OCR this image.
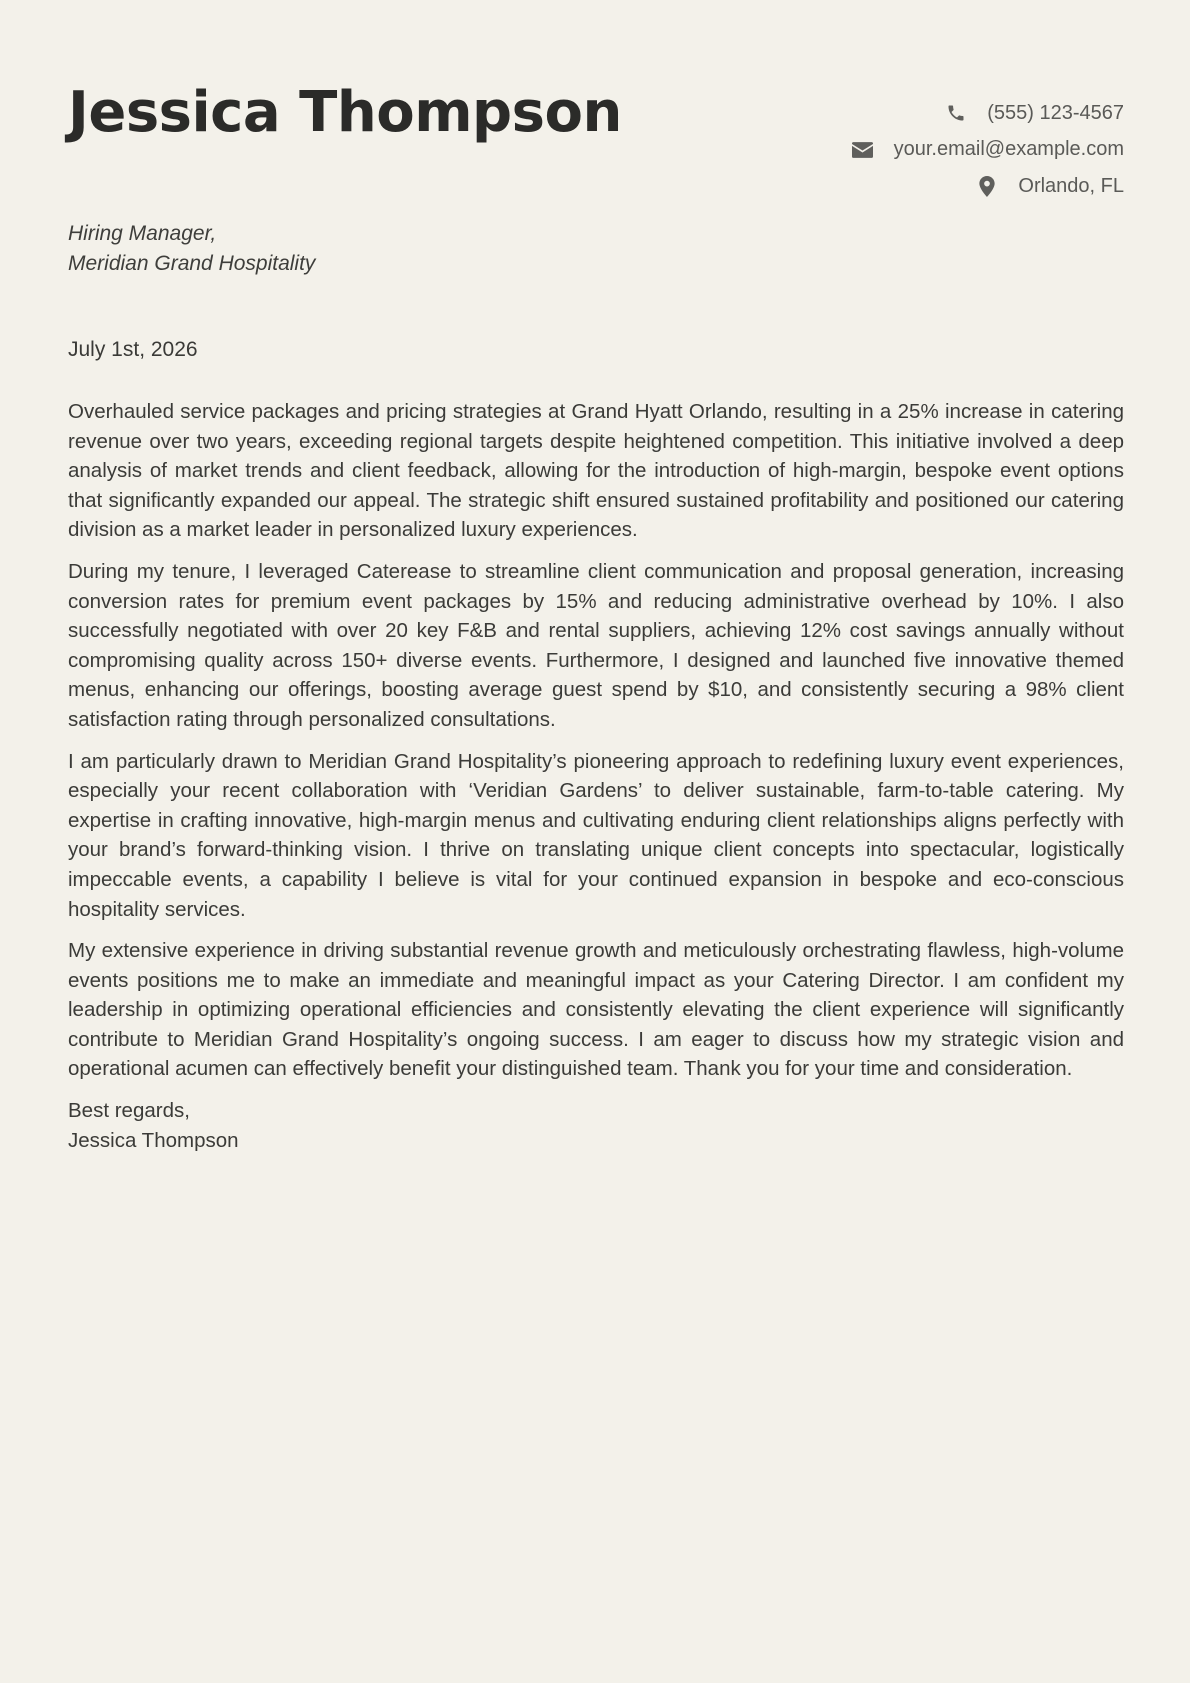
Jessica Thompson	(555) 123-4567
your.email@example.com
Orlando, FL
Hiring Manager,
Meridian Grand Hospitality
July 1st, 2026

Overhauled service packages and pricing strategies at Grand Hyatt Orlando, resulting in a 25% increase in catering revenue over two years, exceeding regional targets despite heightened competition. This initiative involved a deep analysis of market trends and client feedback, allowing for the introduction of high-margin, bespoke event options that significantly expanded our appeal. The strategic shift ensured sustained profitability and positioned our catering division as a market leader in personalized luxury experiences.

During my tenure, I leveraged Caterease to streamline client communication and proposal generation, increasing conversion rates for premium event packages by 15% and reducing administrative overhead by 10%. I also successfully negotiated with over 20 key F&B and rental suppliers, achieving 12% cost savings annually without compromising quality across 150+ diverse events. Furthermore, I designed and launched five innovative themed menus, enhancing our offerings, boosting average guest spend by $10, and consistently securing a 98% client satisfaction rating through personalized consultations.

I am particularly drawn to Meridian Grand Hospitality’s pioneering approach to redefining luxury event experiences, especially your recent collaboration with ‘Veridian Gardens’ to deliver sustainable, farm-to-table catering. My expertise in crafting innovative, high-margin menus and cultivating enduring client relationships aligns perfectly with your brand’s forward-thinking vision. I thrive on translating unique client concepts into spectacular, logistically impeccable events, a capability I believe is vital for your continued expansion in bespoke and eco-conscious hospitality services.

My extensive experience in driving substantial revenue growth and meticulously orchestrating flawless, high-volume events positions me to make an immediate and meaningful impact as your Catering Director. I am confident my leadership in optimizing operational efficiencies and consistently elevating the client experience will significantly contribute to Meridian Grand Hospitality’s ongoing success. I am eager to discuss how my strategic vision and operational acumen can effectively benefit your distinguished team. Thank you for your time and consideration.

Best regards,
Jessica Thompson
